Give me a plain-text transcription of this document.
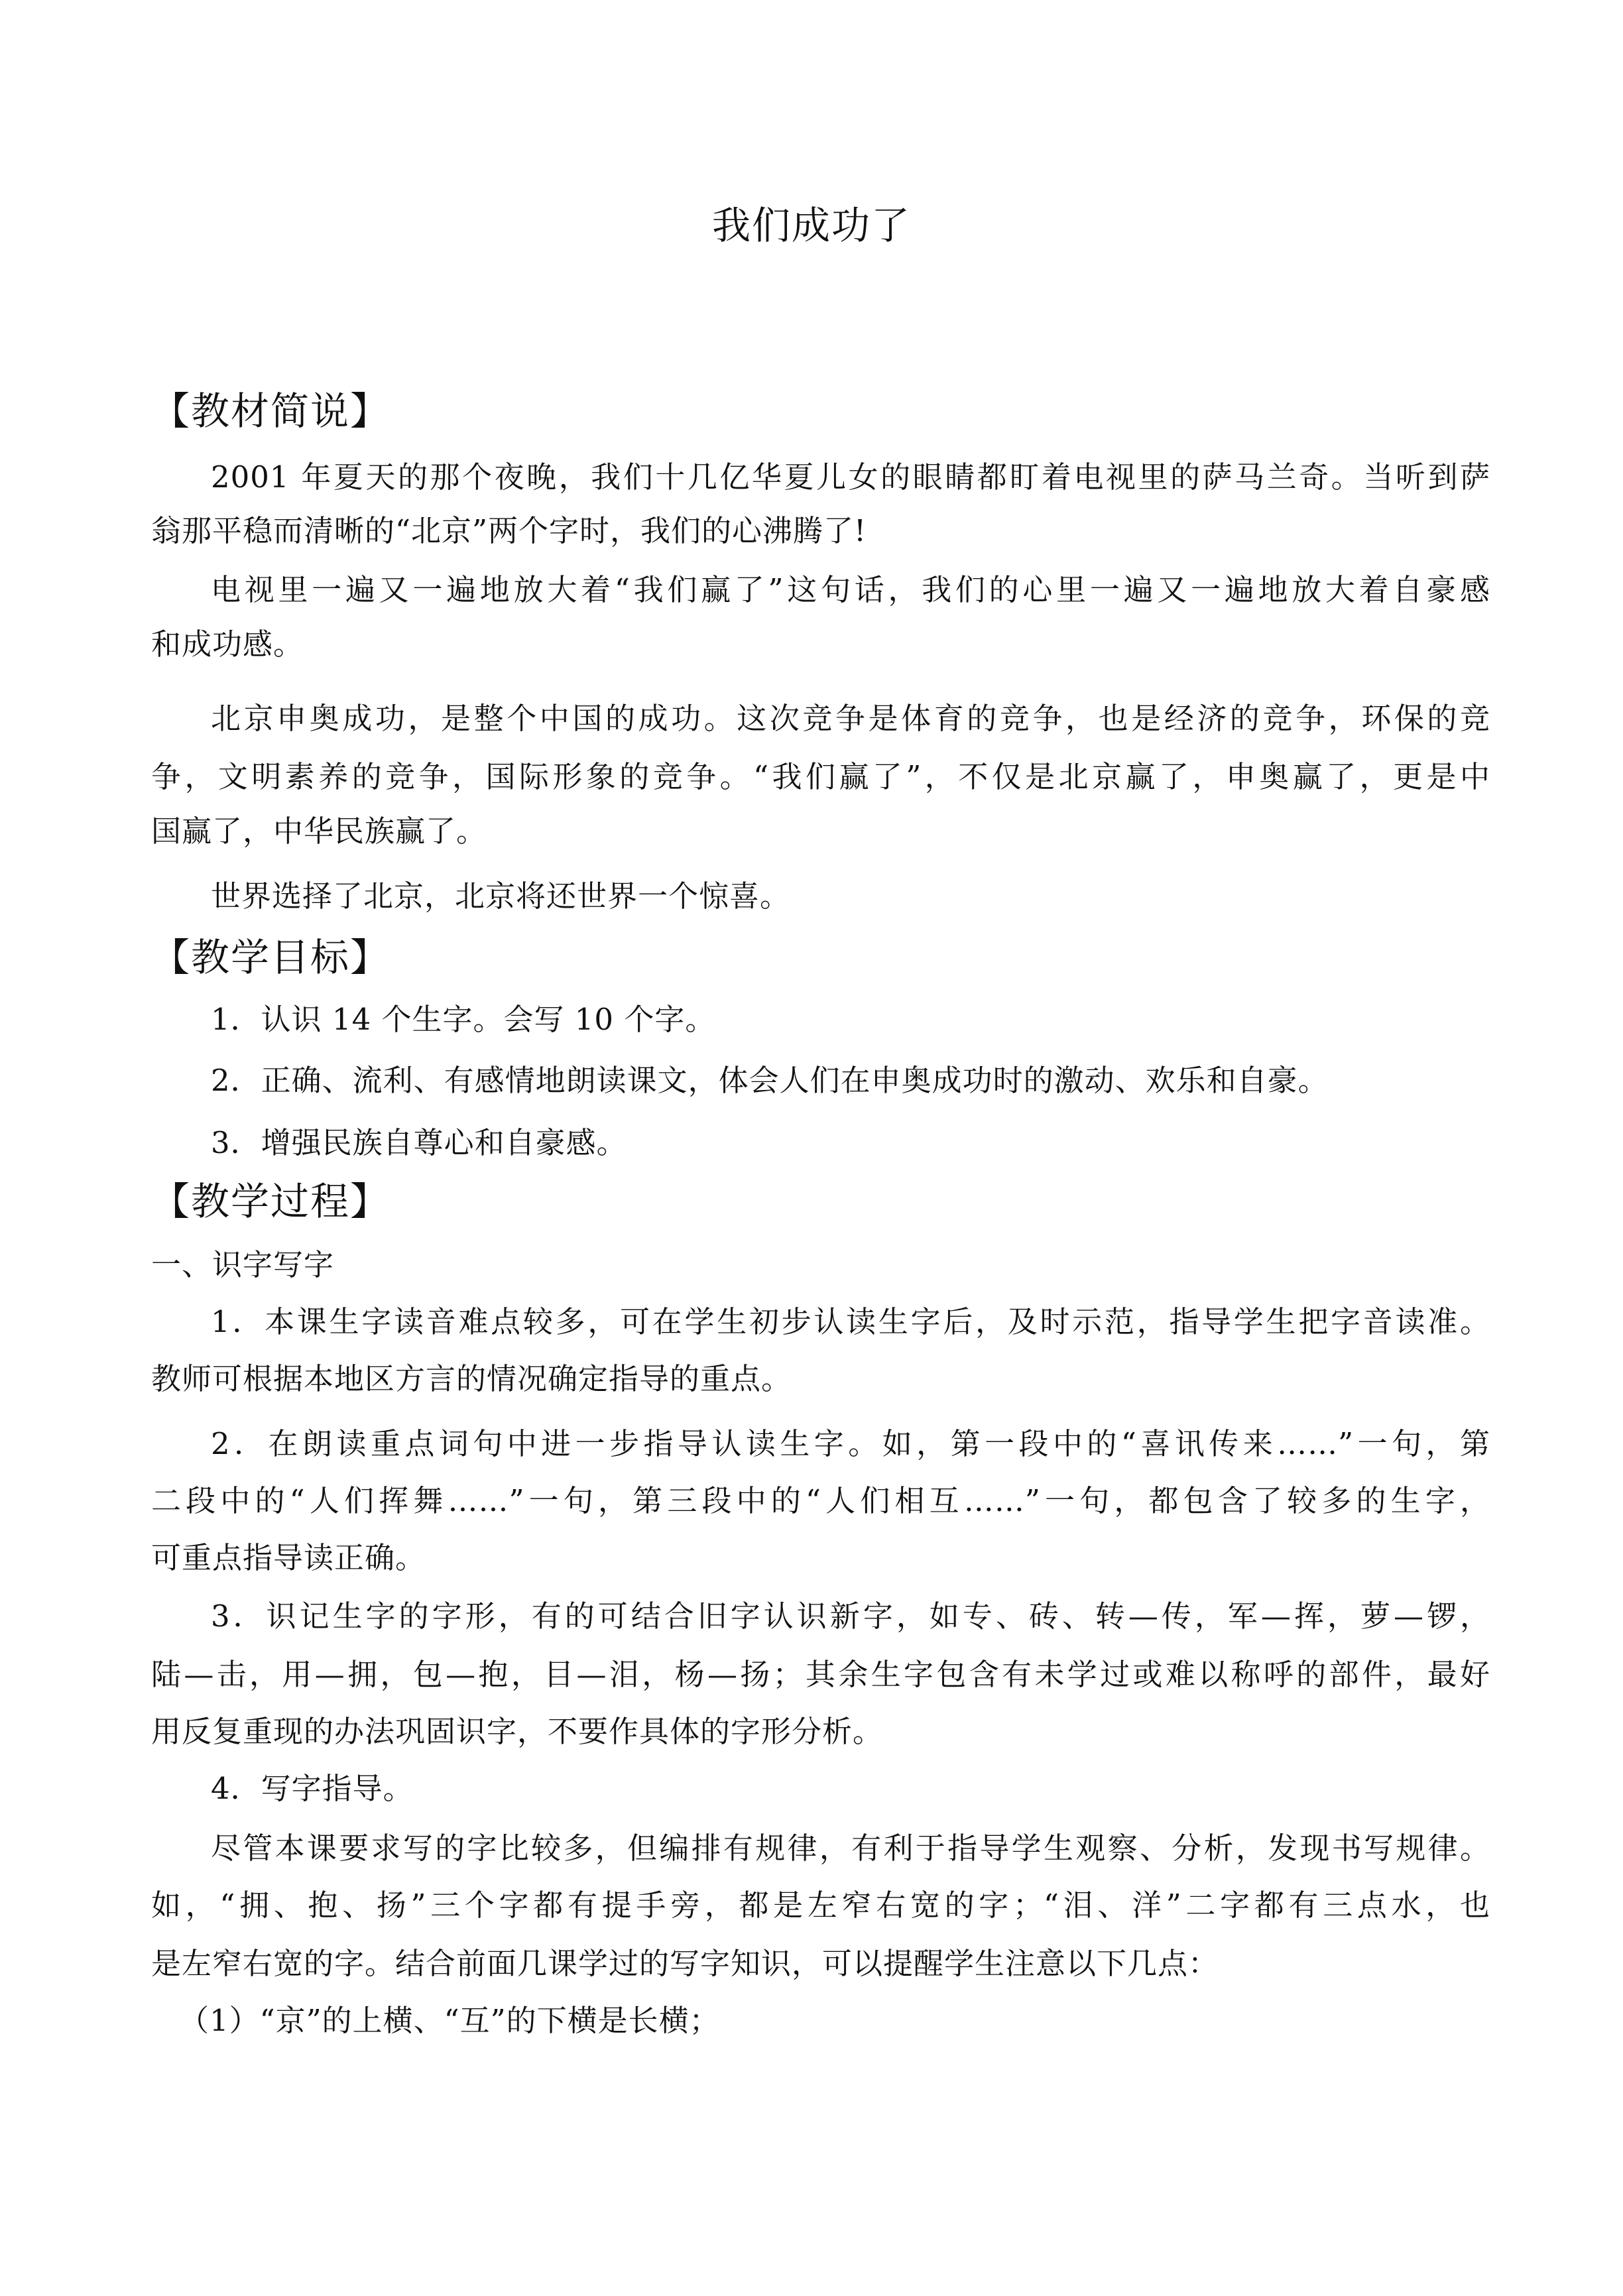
我们成功了
【教材简说】
2001 年夏天的那个夜晚，我们十几亿华夏儿女的眼睛都盯着电视里的萨马兰奇。当听到萨
翁那平稳而清晰的“北京”两个字时，我们的心沸腾了!
电视里一遍又一遍地放大着“我们赢了”这句话，我们的心里一遍又一遍地放大着自豪感
和成功感。
北京申奥成功，是整个中国的成功。这次竞争是体育的竞争，也是经济的竞争，环保的竞
争，文明素养的竞争，国际形象的竞争。“我们赢了”，不仅是北京赢了，申奥赢了，更是中
国赢了，中华民族赢了。
世界选择了北京，北京将还世界一个惊喜。
【教学目标】
1．认识 14 个生字。会写 10 个字。
2．正确、流利、有感情地朗读课文，体会人们在申奥成功时的激动、欢乐和自豪。
3．增强民族自尊心和自豪感。
【教学过程】
一、识字写字
1．本课生字读音难点较多，可在学生初步认读生字后，及时示范，指导学生把字音读准。
教师可根据本地区方言的情况确定指导的重点。
2．在朗读重点词句中进一步指导认读生字。如，第一段中的“喜讯传来……”一句，第
二段中的“人们挥舞……”一句，第三段中的“人们相互……”一句，都包含了较多的生字，
可重点指导读正确。
3．识记生字的字形，有的可结合旧字认识新字，如专、砖、转—传，军—挥，萝—锣，
陆—击，用—拥，包—抱，目—泪，杨—扬；其余生字包含有未学过或难以称呼的部件，最好
用反复重现的办法巩固识字，不要作具体的字形分析。
4．写字指导。
尽管本课要求写的字比较多，但编排有规律，有利于指导学生观察、分析，发现书写规律。
如，“拥、抱、扬”三个字都有提手旁，都是左窄右宽的字；“泪、洋”二字都有三点水，也
是左窄右宽的字。结合前面几课学过的写字知识，可以提醒学生注意以下几点：
（1）“京”的上横、“互”的下横是长横；
